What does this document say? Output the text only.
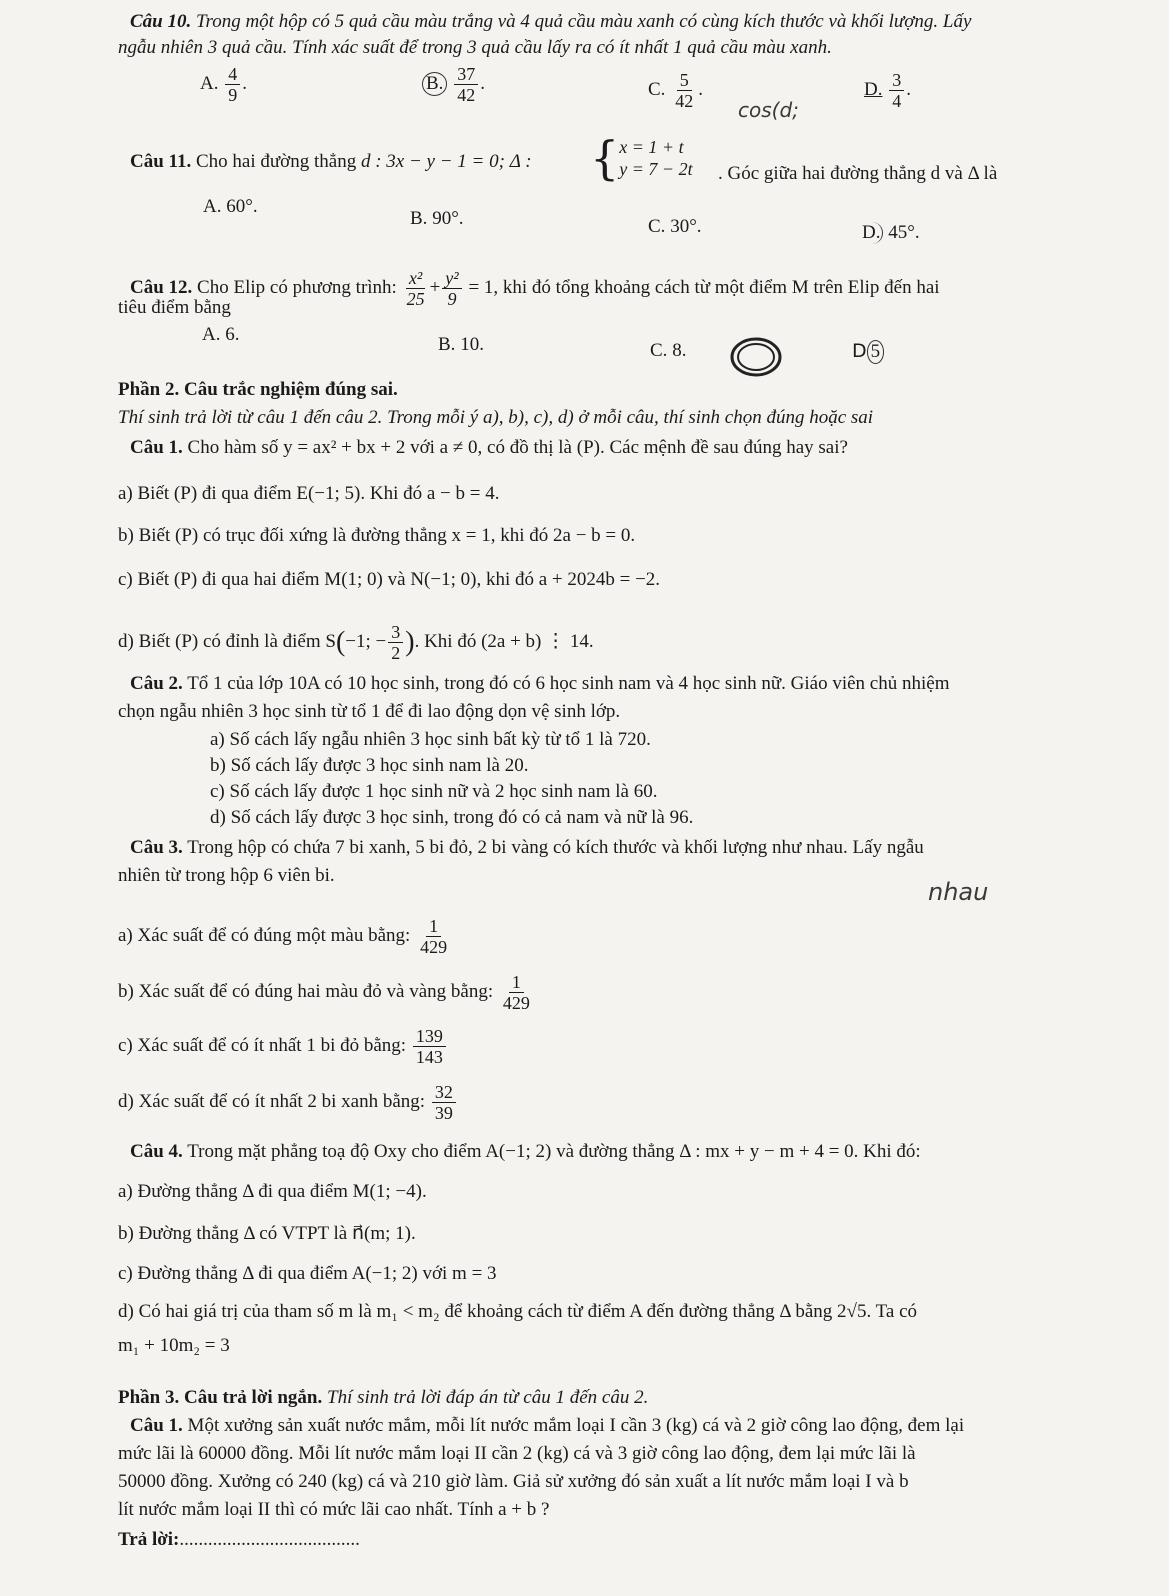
Câu 10. Trong một hộp có 5 quả cầu màu trắng và 4 quả cầu màu xanh có cùng kích thước và khối lượng. Lấy
ngẫu nhiên 3 quả cầu. Tính xác suất để trong 3 quả cầu lấy ra có ít nhất 1 quả cầu màu xanh.
A. $\frac{4}{9}$ .	B. $\frac{37}{42}$ .	C. $\frac{5}{42}$ .
cos(d;
D. $\frac{3}{4}$ .
Câu 11. Cho hai đường thẳng d : 3x − y − 1 = 0; Δ : { x = 1 + t
y = 7 − 2t . Góc giữa hai đường thẳng d và Δ là
A. 60°.
B. 90°.	C. 30°.	D. 45°.
Câu 12. Cho Elip có phương trình: $\frac{\text{x²}}{25} + \frac{\text{y²}}{9} = 1$, khi đó tổng khoảng cách từ một điểm M trên Elip đến hai
tiêu điểm bằng
A. 6.	B. 10.	C. 8.	D 5
Phần 2. Câu trắc nghiệm đúng sai.
Thí sinh trả lời từ câu 1 đến câu 2. Trong mỗi ý a), b), c), d) ở mỗi câu, thí sinh chọn đúng hoặc sai
Câu 1. Cho hàm số y = ax² + bx + 2 với a ≠ 0, có đồ thị là (P). Các mệnh đề sau đúng hay sai?
a) Biết (P) đi qua điểm E(−1; 5). Khi đó a − b = 4.
b) Biết (P) có trục đối xứng là đường thẳng x = 1, khi đó 2a − b = 0.
c) Biết (P) đi qua hai điểm M(1; 0) và N(−1; 0), khi đó a + 2024b = −2.
d) Biết (P) có đỉnh là điểm S(−1; − $\frac{3}{2}$ ). Khi đó (2a + b) ⋮ 14.
Câu 2. Tổ 1 của lớp 10A có 10 học sinh, trong đó có 6 học sinh nam và 4 học sinh nữ. Giáo viên chủ nhiệm
chọn ngẫu nhiên 3 học sinh từ tổ 1 để đi lao động dọn vệ sinh lớp.
a) Số cách lấy ngẫu nhiên 3 học sinh bất kỳ từ tổ 1 là 720.
b) Số cách lấy được 3 học sinh nam là 20.
c) Số cách lấy được 1 học sinh nữ và 2 học sinh nam là 60.
d) Số cách lấy được 3 học sinh, trong đó có cả nam và nữ là 96.
Câu 3. Trong hộp có chứa 7 bi xanh, 5 bi đỏ, 2 bi vàng có kích thước và khối lượng như nhau. Lấy ngẫu
nhiên từ trong hộp 6 viên bi.
nhau
a) Xác suất để có đúng một màu bằng: $\frac{1}{429}$
b) Xác suất để có đúng hai màu đỏ và vàng bằng: $\frac{1}{429}$
c) Xác suất để có ít nhất 1 bi đỏ bằng: $\frac{139}{143}$
d) Xác suất để có ít nhất 2 bi xanh bằng: $\frac{32}{39}$
Câu 4. Trong mặt phẳng toạ độ Oxy cho điểm A(−1; 2) và đường thẳng Δ : mx + y − m + 4 = 0. Khi đó:
a) Đường thẳng Δ đi qua điểm M(1; −4).
b) Đường thẳng Δ có VTPT là n⃗(m; 1).
c) Đường thẳng Δ đi qua điểm A(−1; 2) với m = 3
d) Có hai giá trị của tham số m là m₁ < m₂ để khoảng cách từ điểm A đến đường thẳng Δ bằng 2√5. Ta có
m₁ + 10m₂ = 3
Phần 3. Câu trả lời ngắn. Thí sinh trả lời đáp án từ câu 1 đến câu 2.
Câu 1. Một xưởng sản xuất nước mắm, mỗi lít nước mắm loại I cần 3 (kg) cá và 2 giờ công lao động, đem lại
mức lãi là 60000 đồng. Mỗi lít nước mắm loại II cần 2 (kg) cá và 3 giờ công lao động, đem lại mức lãi là
50000 đồng. Xưởng có 240 (kg) cá và 210 giờ làm. Giả sử xưởng đó sản xuất a lít nước mắm loại I và b
lít nước mắm loại II thì có mức lãi cao nhất. Tính a + b ?
Trả lời:......................................
